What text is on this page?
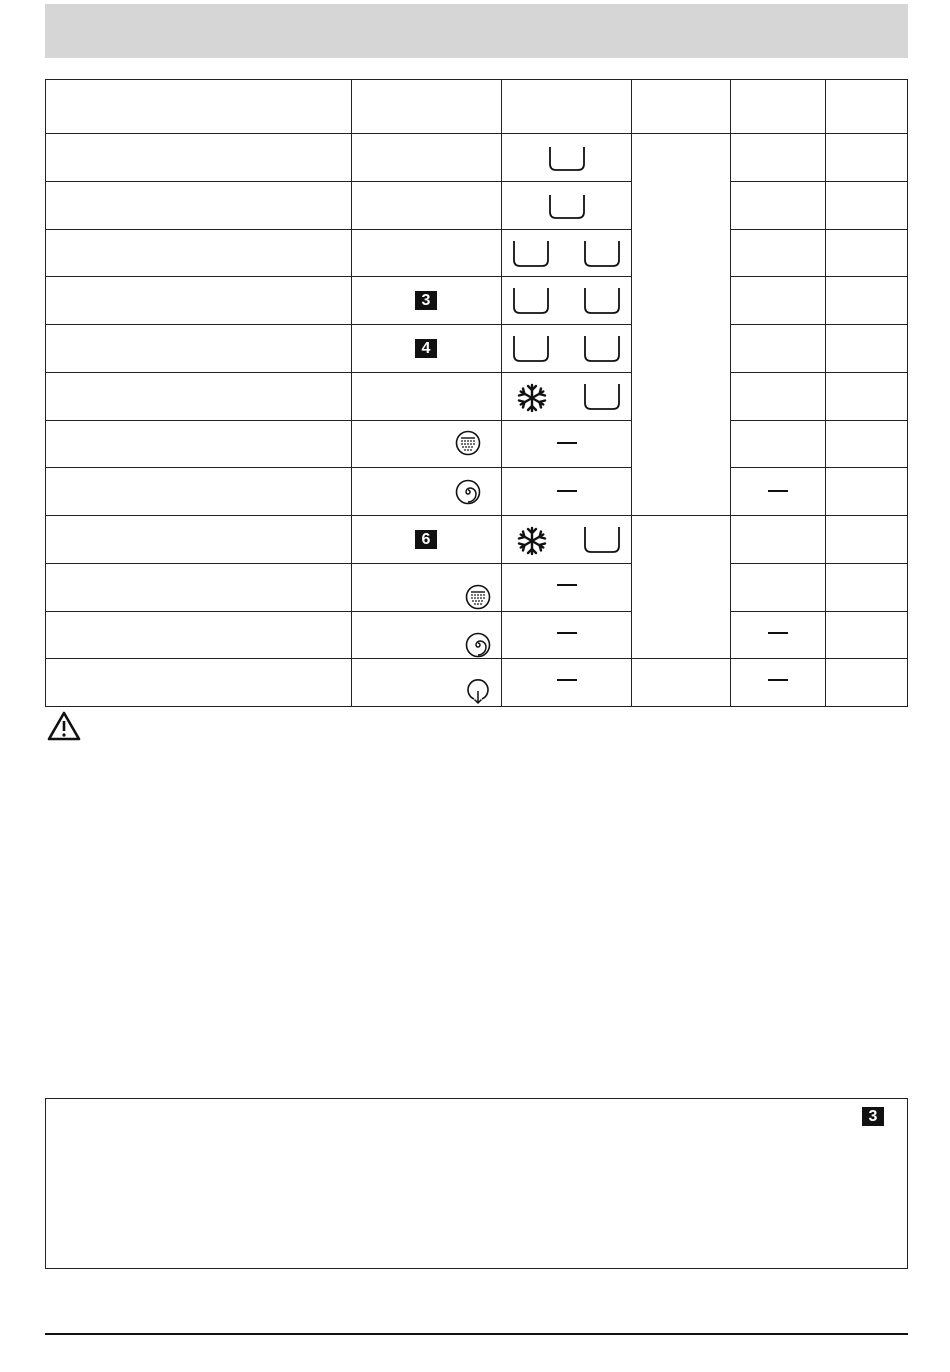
	3

	4

	6

3
